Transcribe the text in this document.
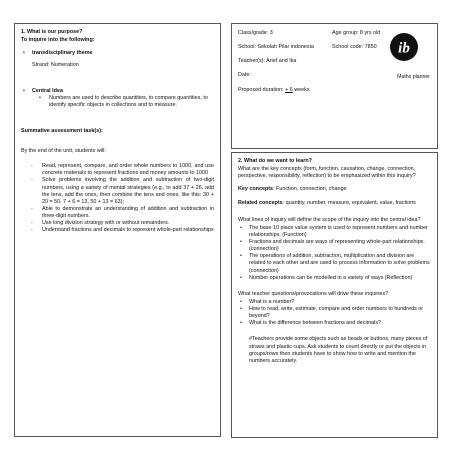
1. What is our purpose?
To inquire into the following:
•	transdisciplinary theme
Strand: Numeration
•	Central Idea
•	Numbers are used to describe quantities, to compare quantities, to identify specific objects in collections and to measure.
Summative assessment task(s):
By the end of the unit, students will:
-	Read, represent, compare, and order whole numbers to 1000, and use concrete materials to represent fractions and money amounts to 1000
-	Solve problems involving the addition and subtraction of two-digit numbers, using a variety of mental strategies (e.g., to add 37 + 26, add the tens, add the ones, then combine the tens and ones, like this: 30 + 20 = 50, 7 + 6 = 13, 50 + 13 = 63);
-	Able to demonstrate an understanding of addition and subtraction in three-digit numbers.
-	Use long division strategy with or without remainders.
-	Understand fractions and decimals to represent whole-part relationships
Class/grade: 3	Age group: 8 yrs old
School: Sekolah Pilar indonesia	School code: 7850
Teacher(s): Arief and Ika
Date:
Proposed duration: + 6 weeks
ib
Maths planner
2. What do we want to learn?
What are the key concepts (form, function, causation, change, connection, perspective, responsibility, reflection) to be emphasized within this inquiry?
Key concepts: Function, connection, change
Related concepts: quantity, number, measure, equivalent, value, fractions
What lines of inquiry will define the scope of the inquiry into the central idea?
•	The base 10 place value system is used to represent numbers and number relationships. (Function)
•	Fractions and decimals are ways of representing whole-part relationships. (connection)
•	The operations of addition, subtraction, multiplication and division are related to each other and are used to process information to solve problems (connection)
•	Number operations can be modelled in a variety of ways (Reflection)
What teacher questions/provocations will drive these inquiries?
•	What is a number?
•	How to read, write, estimate, compare and order numbers to hundreds or beyond?
•	What is the difference between fractions and decimals?
#Teachers provide some objects such as beads or buttons, many pieces of straws and plastic cups. Ask students to count directly or put the objects in groups/rows then students have to show how to write and mention the numbers accurately.
